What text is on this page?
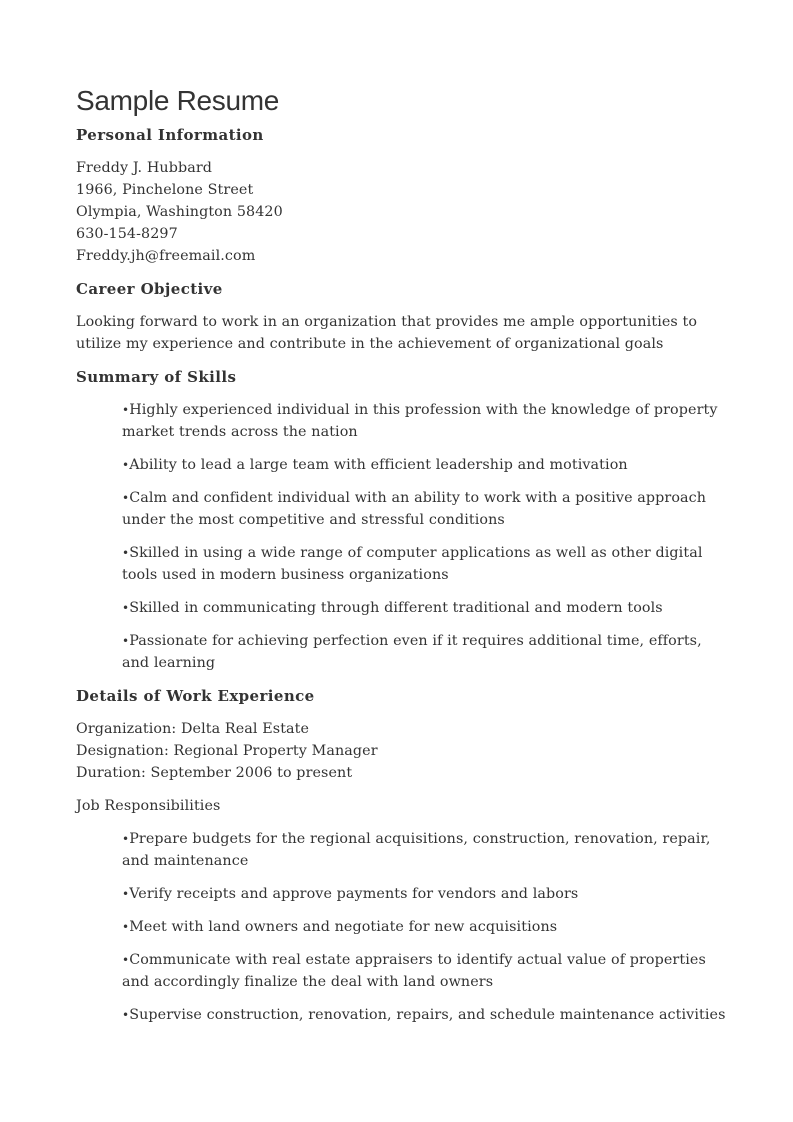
Sample Resume
Personal Information

Freddy J. Hubbard

1966, Pinchelone Street

Olympia, Washington 58420

630-154-8297

Freddy.jh@freemail.com

Career Objective

Looking forward to work in an organization that provides me ample opportunities to utilize my experience and contribute in the achievement of organizational goals

Summary of Skills
•Highly experienced individual in this profession with the knowledge of property market trends across the nation
•Ability to lead a large team with efficient leadership and motivation
•Calm and confident individual with an ability to work with a positive approach under the most competitive and stressful conditions
•Skilled in using a wide range of computer applications as well as other digital tools used in modern business organizations
•Skilled in communicating through different traditional and modern tools
•Passionate for achieving perfection even if it requires additional time, efforts, and learning
Details of Work Experience

Organization: Delta Real Estate

Designation: Regional Property Manager

Duration: September 2006 to present

Job Responsibilities

•Prepare budgets for the regional acquisitions, construction, renovation, repair, and maintenance
•Verify receipts and approve payments for vendors and labors
•Meet with land owners and negotiate for new acquisitions
•Communicate with real estate appraisers to identify actual value of properties and accordingly finalize the deal with land owners
•Supervise construction, renovation, repairs, and schedule maintenance activities
